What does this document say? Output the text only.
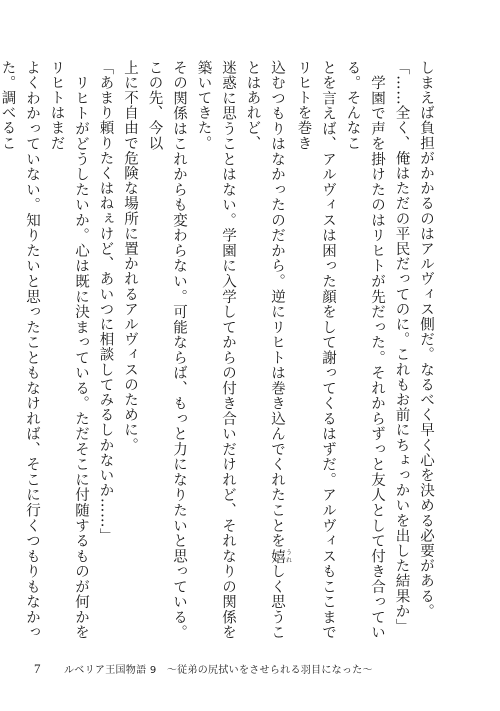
しまえば負担がかかるのはアルヴィス側だ。なるべく早く心を決める必要がある。

「……全く、俺はただの平民だってのに。これもお前にちょっかいを出した結果か」

　学園で声を掛けたのはリヒトが先だった。それからずっと友人として付き合っている。そんなこ

とを言えば、アルヴィスは困った顔をして謝ってくるはずだ。アルヴィスもここまでリヒトを巻き

込むつもりはなかったのだから。逆にリヒトは巻き込んでくれたことを嬉 うれしく思うことはあれど、

迷惑に思うことはない。学園に入学してからの付き合いだけれど、それなりの関係を築いてきた。

その関係はこれからも変わらない。可能ならば、もっと力になりたいと思っている。この先、今以

上に不自由で危険な場所に置かれるアルヴィスのために。

「あまり頼りたくはねぇけど、あいつに相談してみるしかないか……」

　リヒトがどうしたいか。心は既に決まっている。ただそこに付随するものが何かをリヒトはまだ

よくわかっていない。知りたいと思ったこともなければ、そこに行くつもりもなかった。調べるこ

7	ルベリア王国物語 9　～従弟の尻拭いをさせられる羽目になった～
